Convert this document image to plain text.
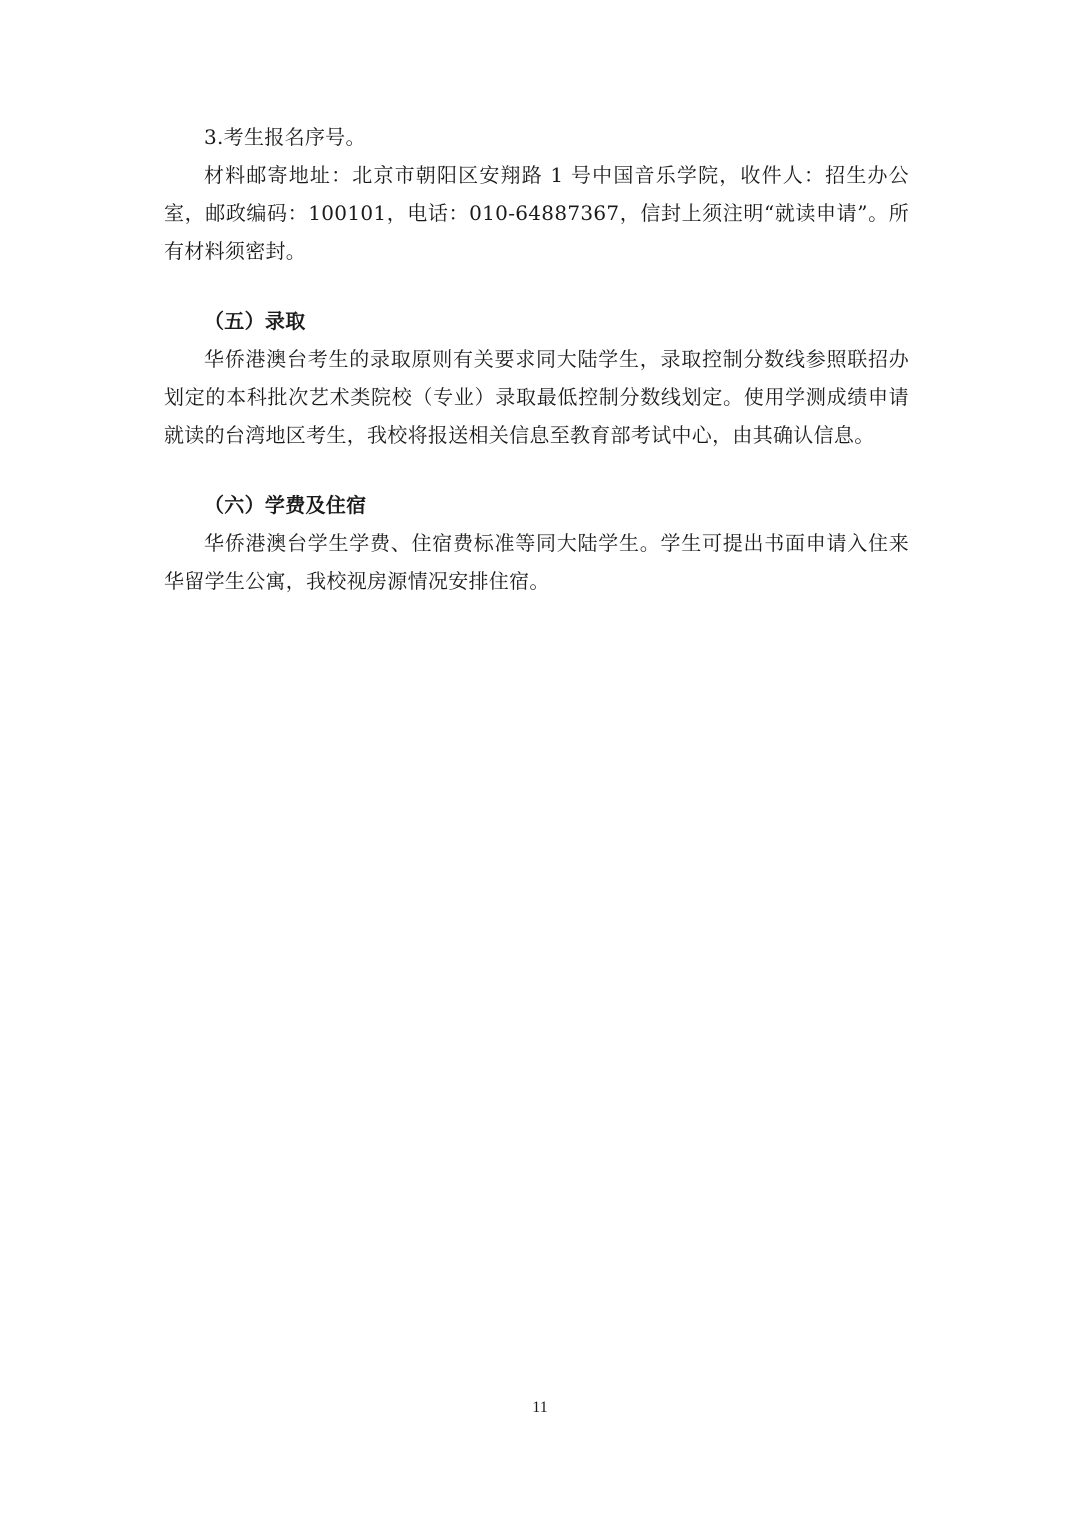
3.考生报名序号。

材料邮寄地址：北京市朝阳区安翔路 1 号中国音乐学院，收件人：招生办公室，邮政编码：100101，电话：010-64887367，信封上须注明“就读申请”。所有材料须密封。

（五）录取

华侨港澳台考生的录取原则有关要求同大陆学生，录取控制分数线参照联招办划定的本科批次艺术类院校（专业）录取最低控制分数线划定。使用学测成绩申请就读的台湾地区考生，我校将报送相关信息至教育部考试中心，由其确认信息。

（六）学费及住宿

华侨港澳台学生学费、住宿费标准等同大陆学生。学生可提出书面申请入住来华留学生公寓，我校视房源情况安排住宿。

11
